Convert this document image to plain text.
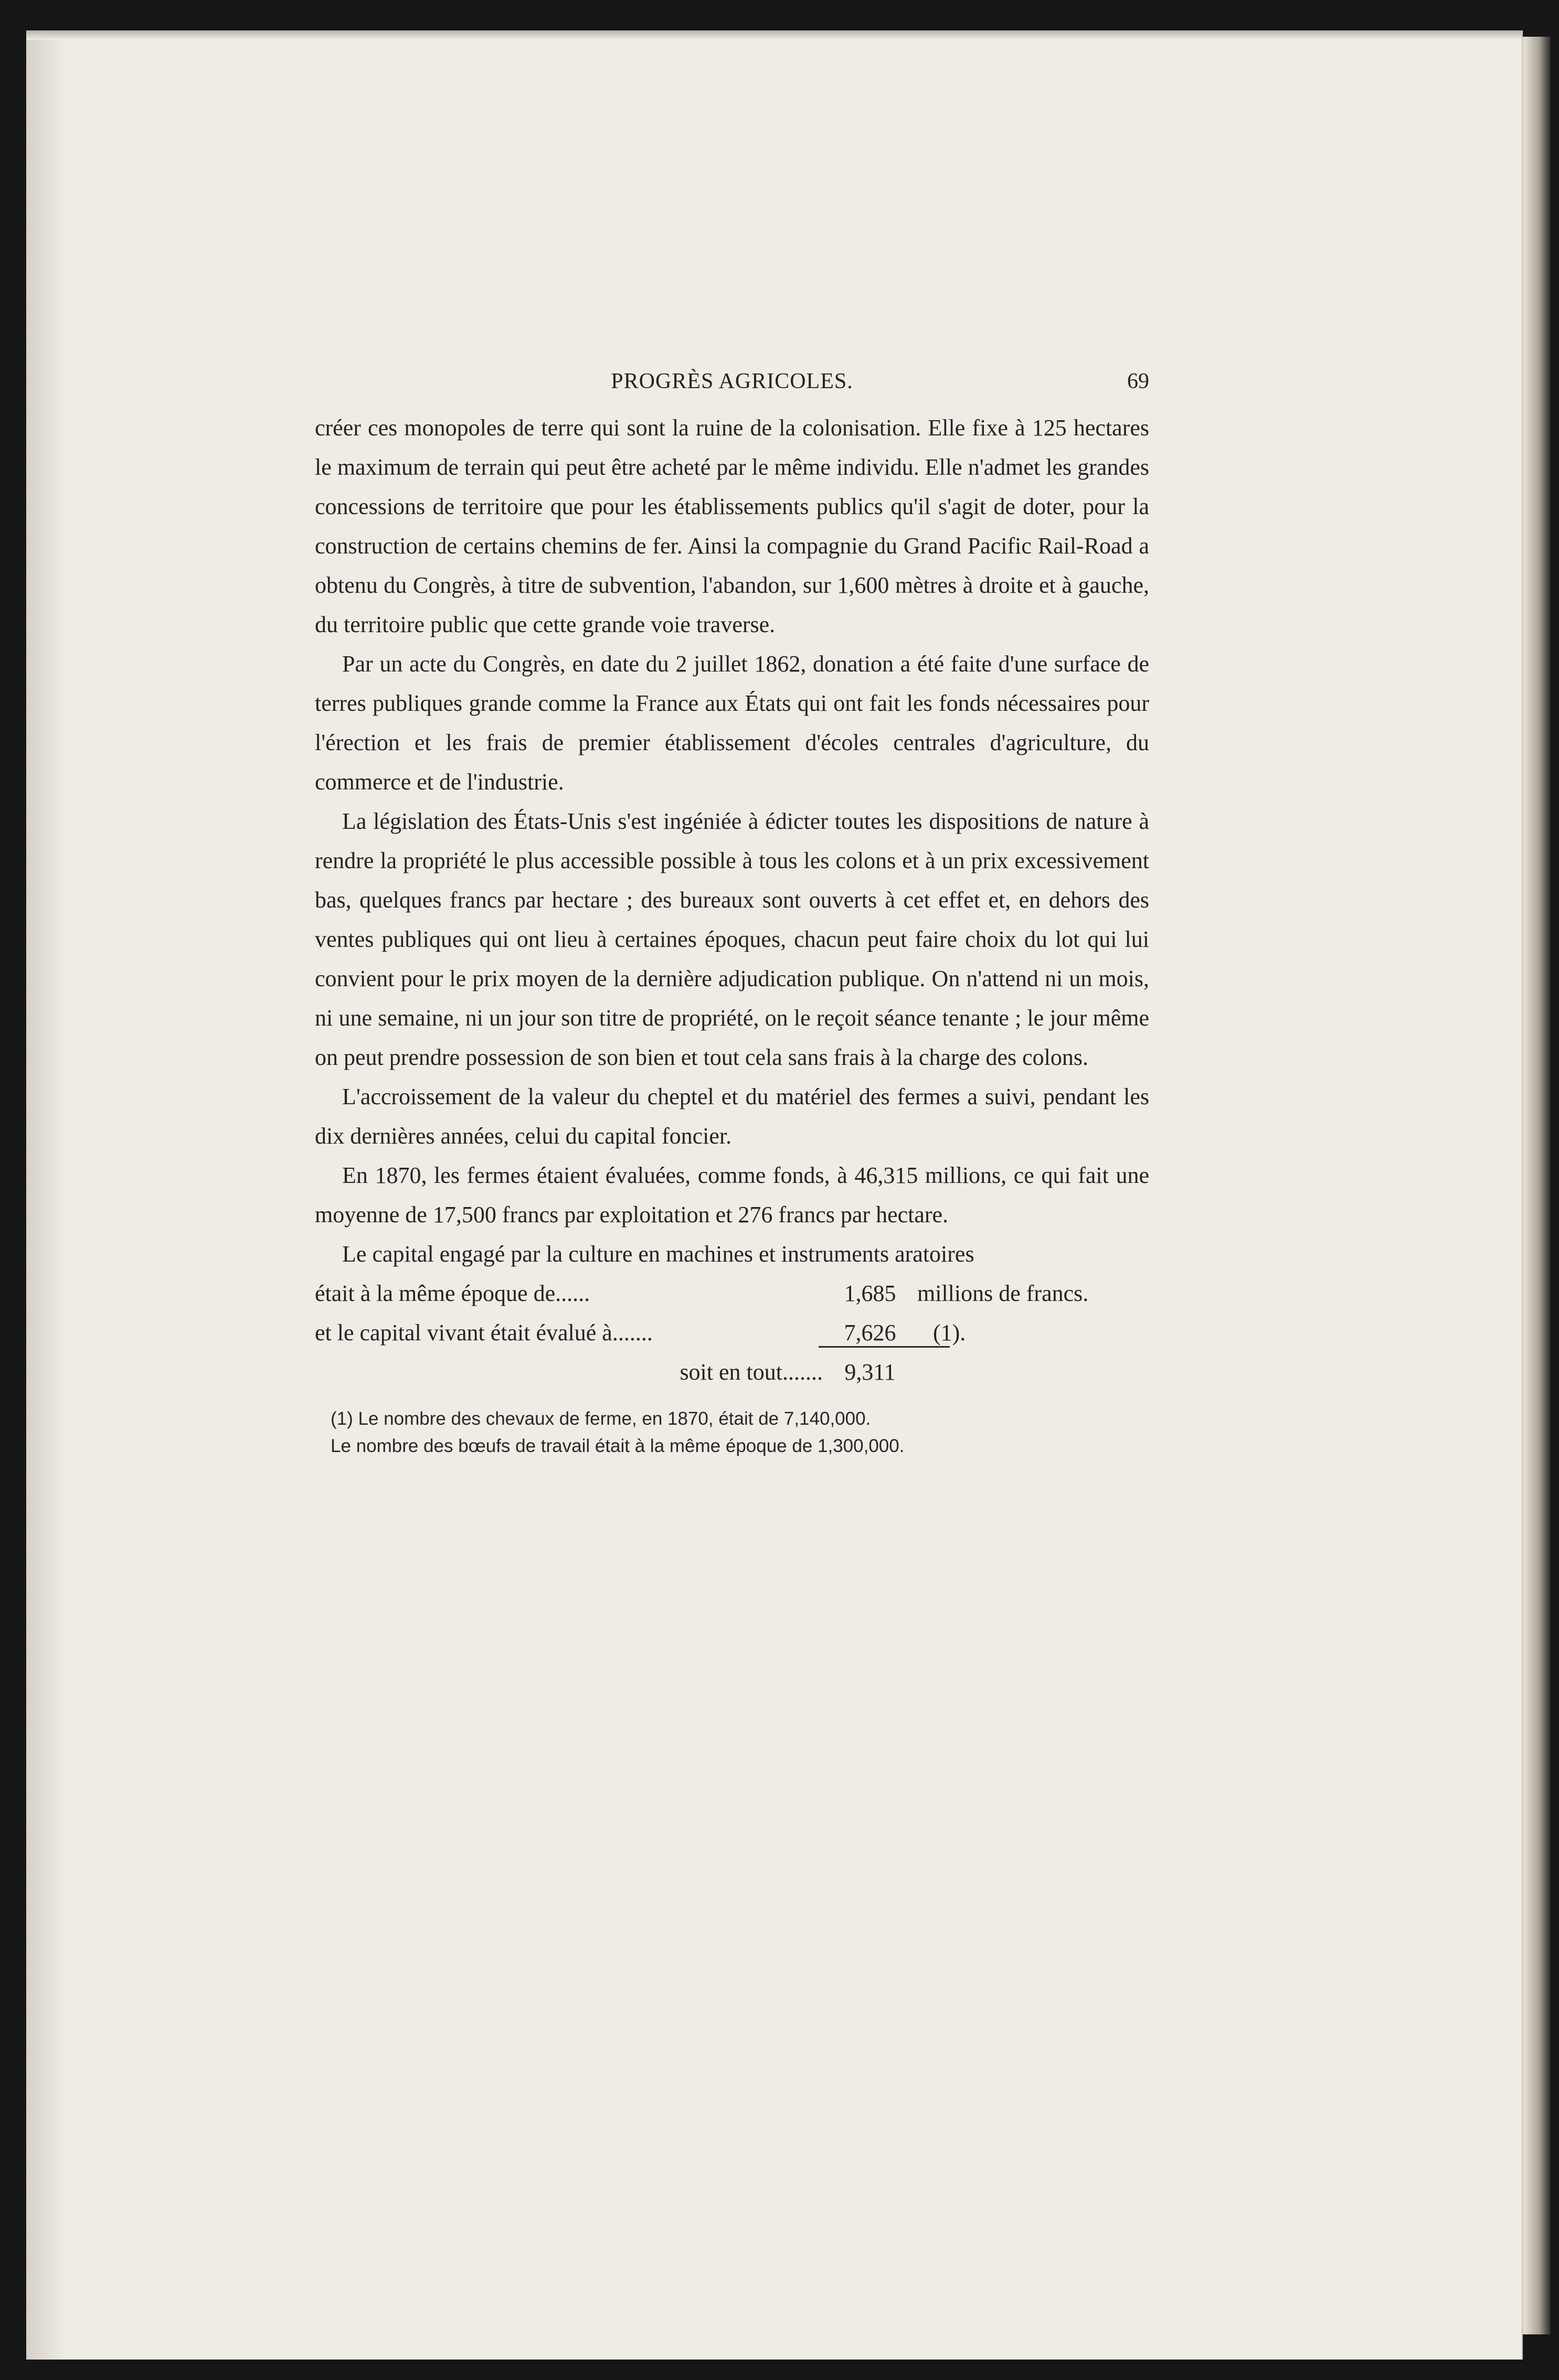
PROGRÈS AGRICOLES.	69

créer ces monopoles de terre qui sont la ruine de la colonisation. Elle fixe à 125 hectares le maximum de terrain qui peut être acheté par le même individu. Elle n'admet les grandes concessions de territoire que pour les établissements publics qu'il s'agit de doter, pour la construction de certains chemins de fer. Ainsi la compagnie du Grand Pacific Rail-Road a obtenu du Congrès, à titre de subvention, l'abandon, sur 1,600 mètres à droite et à gauche, du territoire public que cette grande voie traverse.

Par un acte du Congrès, en date du 2 juillet 1862, donation a été faite d'une surface de terres publiques grande comme la France aux États qui ont fait les fonds nécessaires pour l'érection et les frais de premier établissement d'écoles centrales d'agriculture, du commerce et de l'industrie.

La législation des États-Unis s'est ingéniée à édicter toutes les dispositions de nature à rendre la propriété le plus accessible possible à tous les colons et à un prix excessivement bas, quelques francs par hectare ; des bureaux sont ouverts à cet effet et, en dehors des ventes publiques qui ont lieu à certaines époques, chacun peut faire choix du lot qui lui convient pour le prix moyen de la dernière adjudication publique. On n'attend ni un mois, ni une semaine, ni un jour son titre de propriété, on le reçoit séance tenante ; le jour même on peut prendre possession de son bien et tout cela sans frais à la charge des colons.

L'accroissement de la valeur du cheptel et du matériel des fermes a suivi, pendant les dix dernières années, celui du capital foncier.

En 1870, les fermes étaient évaluées, comme fonds, à 46,315 millions, ce qui fait une moyenne de 17,500 francs par exploitation et 276 francs par hectare.

Le capital engagé par la culture en machines et instruments aratoires

était à la même époque de......	1,685 millions de francs.
et le capital vivant était évalué à.......	7,626	(1).
soit en tout....... 9,311
(1) Le nombre des chevaux de ferme, en 1870, était de 7,140,000.
Le nombre des bœufs de travail était à la même époque de 1,300,000.
